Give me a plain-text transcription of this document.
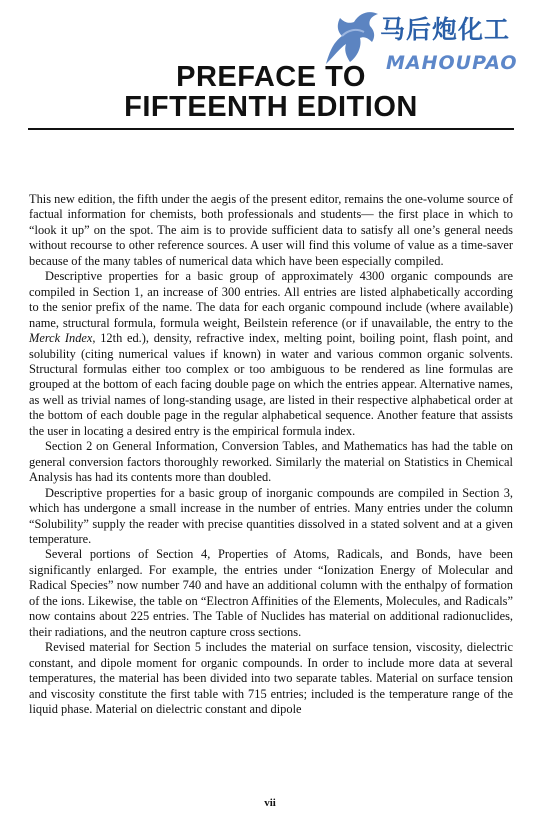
马后炮化工
MAHOUPAO
PREFACE TO
FIFTEENTH EDITION

This new edition, the fifth under the aegis of the present editor, remains the one-volume source of factual information for chemists, both professionals and students— the first place in which to “look it up” on the spot. The aim is to provide sufficient data to satisfy all one’s general needs without recourse to other reference sources. A user will find this volume of value as a time-saver because of the many tables of numerical data which have been especially compiled.

Descriptive properties for a basic group of approximately 4300 organic compounds are compiled in Section 1, an increase of 300 entries. All entries are listed alphabetically according to the senior prefix of the name. The data for each organic compound include (where available) name, structural formula, formula weight, Beilstein reference (or if unavailable, the entry to the Merck Index, 12th ed.), density, refractive index, melting point, boiling point, flash point, and solubility (citing numerical values if known) in water and various common organic solvents. Structural formulas either too complex or too ambiguous to be rendered as line formulas are grouped at the bottom of each facing double page on which the entries appear. Alternative names, as well as trivial names of long-standing usage, are listed in their respective alphabetical order at the bottom of each double page in the regular alphabetical sequence. Another feature that assists the user in locating a desired entry is the empirical formula index.

Section 2 on General Information, Conversion Tables, and Mathematics has had the table on general conversion factors thoroughly reworked. Similarly the material on Statistics in Chemical Analysis has had its contents more than doubled.

Descriptive properties for a basic group of inorganic compounds are compiled in Section 3, which has undergone a small increase in the number of entries. Many entries under the column “Solubility” supply the reader with precise quantities dissolved in a stated solvent and at a given temperature.

Several portions of Section 4, Properties of Atoms, Radicals, and Bonds, have been significantly enlarged. For example, the entries under “Ionization Energy of Molecular and Radical Species” now number 740 and have an additional column with the enthalpy of formation of the ions. Likewise, the table on “Electron Affinities of the Elements, Molecules, and Radicals” now contains about 225 entries. The Table of Nuclides has material on additional radionuclides, their radiations, and the neutron capture cross sections.

Revised material for Section 5 includes the material on surface tension, viscosity, dielectric constant, and dipole moment for organic compounds. In order to include more data at several temperatures, the material has been divided into two separate tables. Material on surface tension and viscosity constitute the first table with 715 entries; included is the temperature range of the liquid phase. Material on dielectric constant and dipole

vii
